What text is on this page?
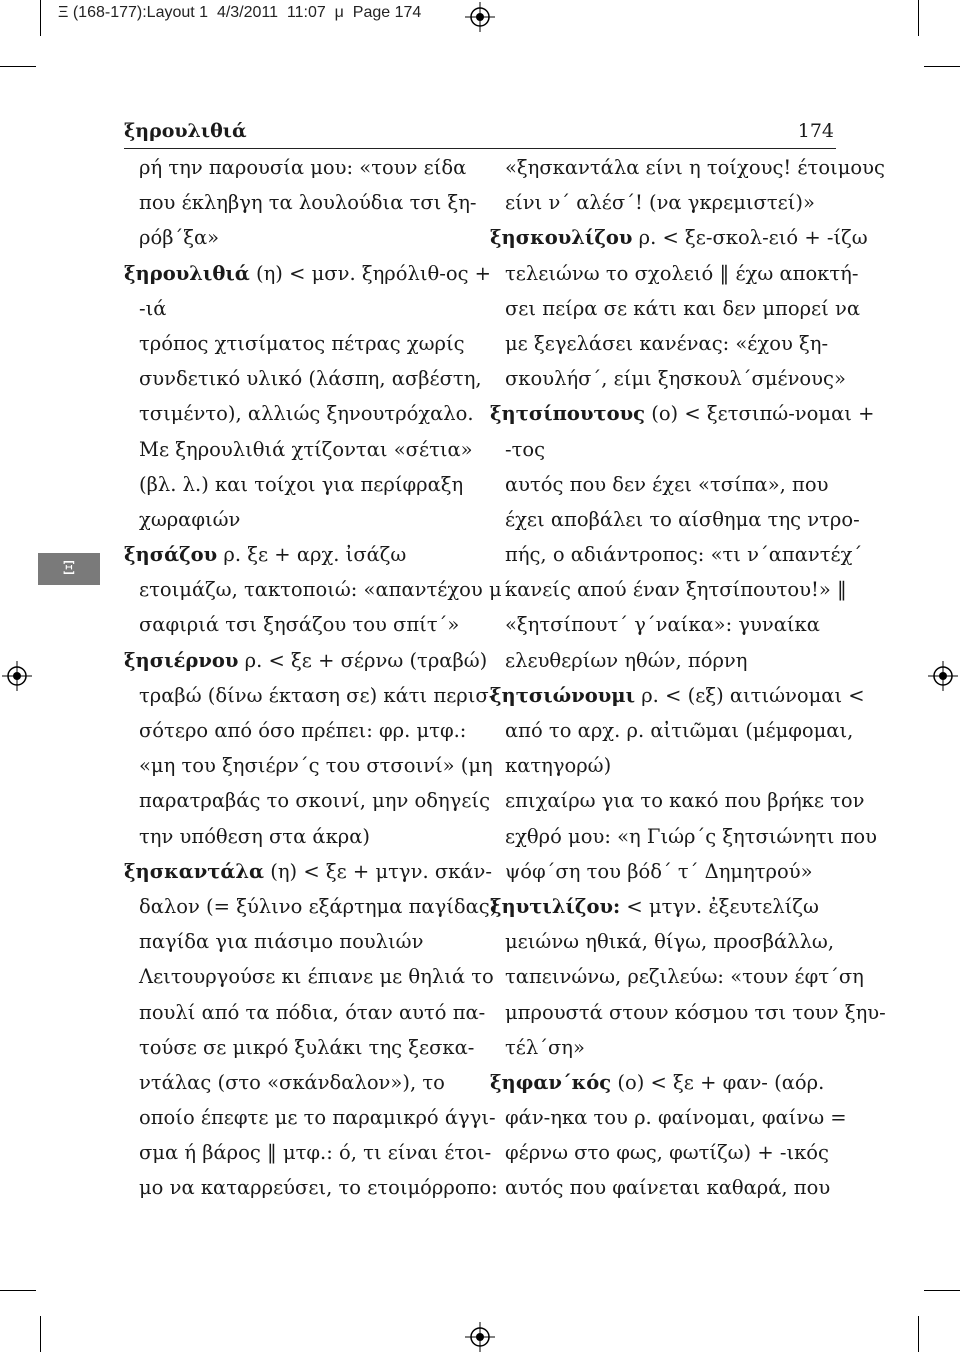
Ξ (168-177):Layout 1  4/3/2011  11:07  μ  Page 174
Ξ
ξηρουλιθιά	174
ρή την παρουσία μου: «τουν είδα
που έκληβγη τα λουλούδια τσι ξη-
ρόβ΄ξα»
ξηρουλιθιά (η) < μσν. ξηρόλιθ-ος +
-ιά
τρόπος χτισίματος πέτρας χωρίς
συνδετικό υλικό (λάσπη, ασβέστη,
τσιμέντο), αλλιώς ξηνουτρόχαλο.
Με ξηρουλιθιά χτίζονται «σέτια»
(βλ. λ.) και τοίχοι για περίφραξη
χωραφιών
ξησάζου ρ. ξε + αρχ. ἰσάζω
ετοιμάζω, τακτοποιώ: «απαντέχου μ΄
σαφιριά τσι ξησάζου του σπίτ΄»
ξησιέρνου ρ. < ξε + σέρνω (τραβώ)
τραβώ (δίνω έκταση σε) κάτι περισ-
σότερο από όσο πρέπει: φρ. μτφ.:
«μη του ξησιέρν΄ς του στσοινί» (μη
παρατραβάς το σκοινί, μην οδηγείς
την υπόθεση στα άκρα)
ξησκαντάλα (η) < ξε + μτγν. σκάν-
δαλον (= ξύλινο εξάρτημα παγίδας)
παγίδα για πιάσιμο πουλιών
Λειτουργούσε κι έπιανε με θηλιά το
πουλί από τα πόδια, όταν αυτό πα-
τούσε σε μικρό ξυλάκι της ξεσκα-
ντάλας (στο «σκάνδαλον»), το
οποίο έπεφτε με το παραμικρό άγγι-
σμα ή βάρος ‖ μτφ.: ό, τι είναι έτοι-
μο να καταρρεύσει, το ετοιμόρροπο:
«ξησκαντάλα είνι η τοίχους! έτοιμους
είνι ν΄ αλέσ΄! (να γκρεμιστεί)»
ξησκουλίζου ρ. < ξε-σκολ-ειό + -ίζω
τελειώνω το σχολειό ‖ έχω αποκτή-
σει πείρα σε κάτι και δεν μπορεί να
με ξεγελάσει κανένας: «έχου ξη-
σκουλήσ΄, είμι ξησκουλ΄σμένους»
ξητσίπουτους (ο) < ξετσιπώ-νομαι +
-τος
αυτός που δεν έχει «τσίπα», που
έχει αποβάλει το αίσθημα της ντρο-
πής, ο αδιάντροπος: «τι ν΄απαντέχ΄
κανείς απού έναν ξητσίπουτου!» ‖
«ξητσίπουτ΄ γ΄ναίκα»: γυναίκα
ελευθερίων ηθών, πόρνη
ξητσιώνουμι ρ. < (εξ) αιτιώνομαι <
από το αρχ. ρ. αἰτιῶμαι (μέμφομαι,
κατηγορώ)
επιχαίρω για το κακό που βρήκε τον
εχθρό μου: «η Γιώρ΄ς ξητσιώνητι που
ψόφ΄ση του βόδ΄ τ΄ Δημητρού»
ξηυτιλίζου: < μτγν. ἐξευτελίζω
μειώνω ηθικά, θίγω, προσβάλλω,
ταπεινώνω, ρεζιλεύω: «τουν έφτ΄ση
μπρουστά στουν κόσμου τσι τουν ξηυ-
τέλ΄ση»
ξηφαν΄κός (ο) < ξε + φαν- (αόρ.
φάν-ηκα του ρ. φαίνομαι, φαίνω =
φέρνω στο φως, φωτίζω) + -ικός
αυτός που φαίνεται καθαρά, που
